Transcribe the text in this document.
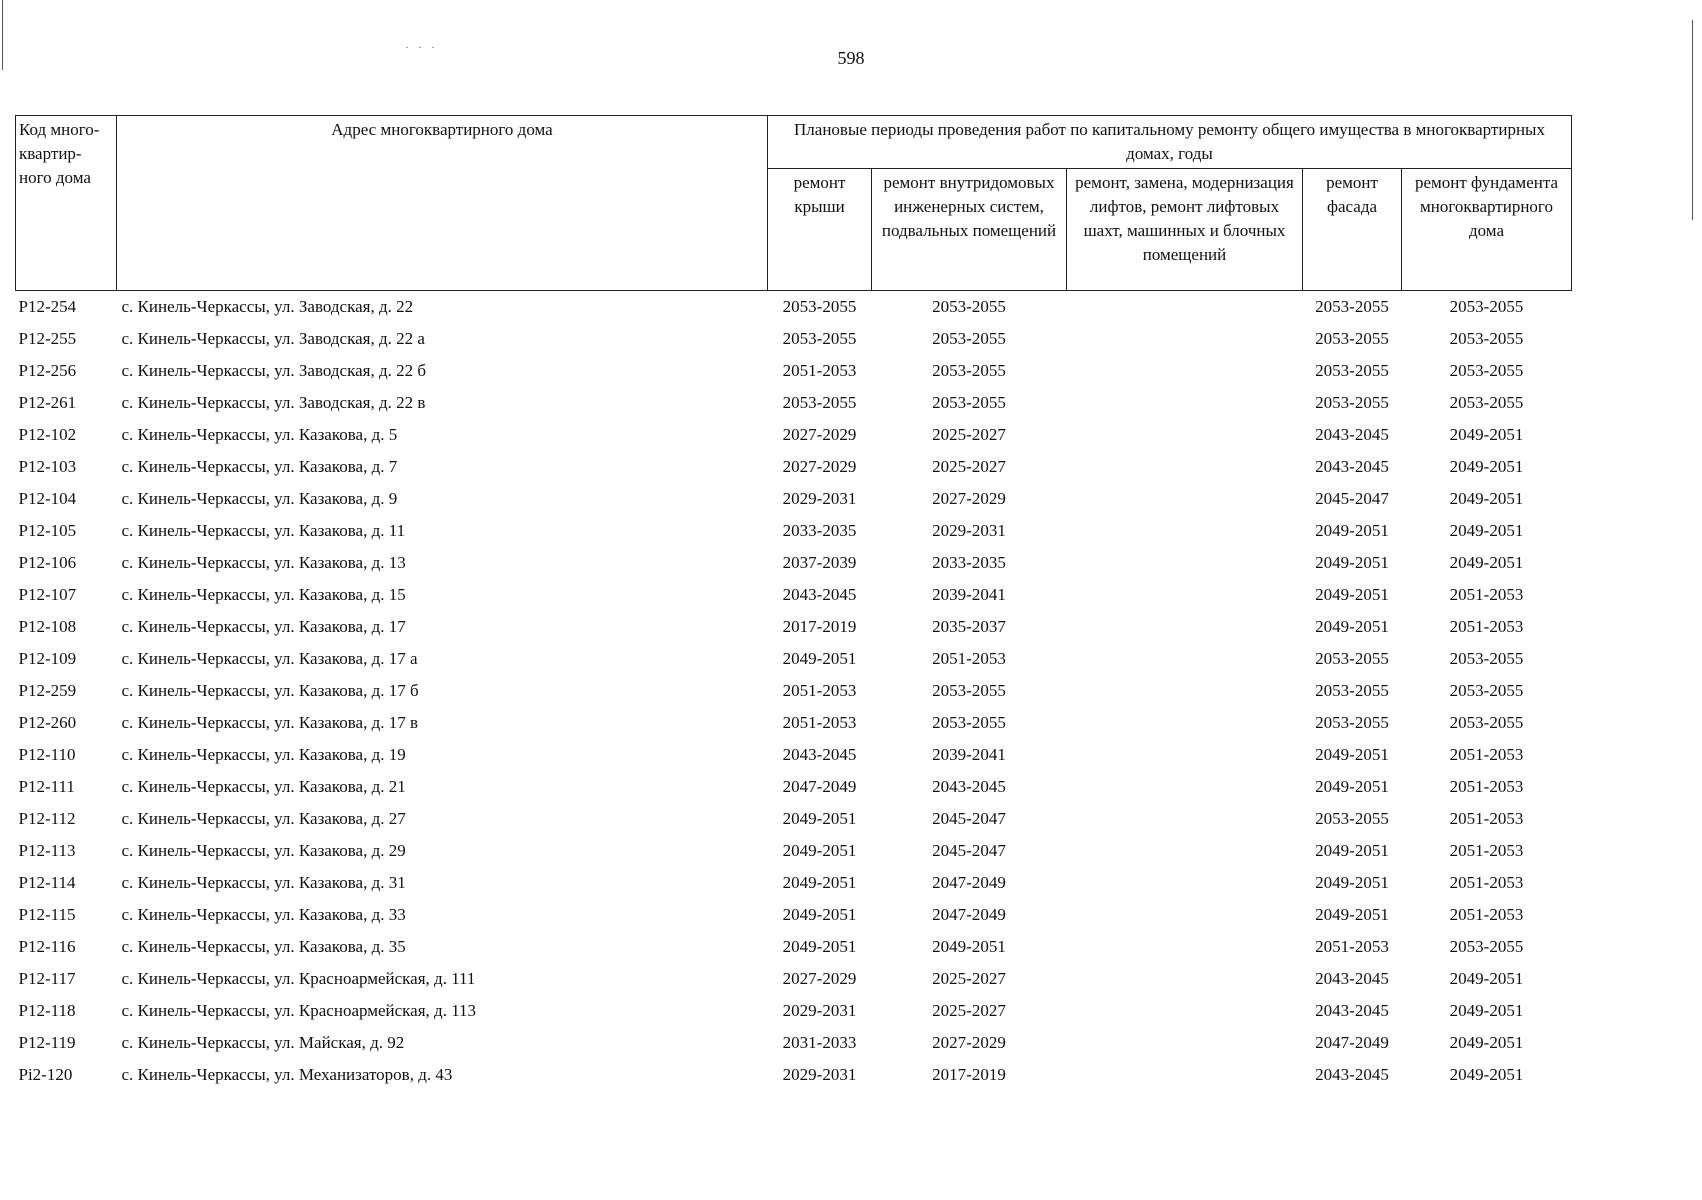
· · ·
598
Код много-квартир-ного дома	Адрес многоквартирного дома	Плановые периоды проведения работ по капитальному ремонту общего имущества в многоквартирных домах, годы				
		ремонт крыши	ремонт внутридомовых инженерных систем, подвальных помещений	ремонт, замена, модернизация лифтов, ремонт лифтовых шахт, машинных и блочных помещений	ремонт фасада	ремонт фундамента многоквартирного дома
Р12-254	с. Кинель-Черкассы, ул. Заводская, д. 22	2053-2055	2053-2055		2053-2055	2053-2055
Р12-255	с. Кинель-Черкассы, ул. Заводская, д. 22 а	2053-2055	2053-2055		2053-2055	2053-2055
Р12-256	с. Кинель-Черкассы, ул. Заводская, д. 22 б	2051-2053	2053-2055		2053-2055	2053-2055
Р12-261	с. Кинель-Черкассы, ул. Заводская, д. 22 в	2053-2055	2053-2055		2053-2055	2053-2055
Р12-102	с. Кинель-Черкассы, ул. Казакова, д. 5	2027-2029	2025-2027		2043-2045	2049-2051
Р12-103	с. Кинель-Черкассы, ул. Казакова, д. 7	2027-2029	2025-2027		2043-2045	2049-2051
Р12-104	с. Кинель-Черкассы, ул. Казакова, д. 9	2029-2031	2027-2029		2045-2047	2049-2051
Р12-105	с. Кинель-Черкассы, ул. Казакова, д. 11	2033-2035	2029-2031		2049-2051	2049-2051
Р12-106	с. Кинель-Черкассы, ул. Казакова, д. 13	2037-2039	2033-2035		2049-2051	2049-2051
Р12-107	с. Кинель-Черкассы, ул. Казакова, д. 15	2043-2045	2039-2041		2049-2051	2051-2053
Р12-108	с. Кинель-Черкассы, ул. Казакова, д. 17	2017-2019	2035-2037		2049-2051	2051-2053
Р12-109	с. Кинель-Черкассы, ул. Казакова, д. 17 а	2049-2051	2051-2053		2053-2055	2053-2055
Р12-259	с. Кинель-Черкассы, ул. Казакова, д. 17 б	2051-2053	2053-2055		2053-2055	2053-2055
Р12-260	с. Кинель-Черкассы, ул. Казакова, д. 17 в	2051-2053	2053-2055		2053-2055	2053-2055
Р12-110	с. Кинель-Черкассы, ул. Казакова, д. 19	2043-2045	2039-2041		2049-2051	2051-2053
Р12-111	с. Кинель-Черкассы, ул. Казакова, д. 21	2047-2049	2043-2045		2049-2051	2051-2053
Р12-112	с. Кинель-Черкассы, ул. Казакова, д. 27	2049-2051	2045-2047		2053-2055	2051-2053
Р12-113	с. Кинель-Черкассы, ул. Казакова, д. 29	2049-2051	2045-2047		2049-2051	2051-2053
Р12-114	с. Кинель-Черкассы, ул. Казакова, д. 31	2049-2051	2047-2049		2049-2051	2051-2053
Р12-115	с. Кинель-Черкассы, ул. Казакова, д. 33	2049-2051	2047-2049		2049-2051	2051-2053
Р12-116	с. Кинель-Черкассы, ул. Казакова, д. 35	2049-2051	2049-2051		2051-2053	2053-2055
Р12-117	с. Кинель-Черкассы, ул. Красноармейская, д. 111	2027-2029	2025-2027		2043-2045	2049-2051
Р12-118	с. Кинель-Черкассы, ул. Красноармейская, д. 113	2029-2031	2025-2027		2043-2045	2049-2051
Р12-119	с. Кинель-Черкассы, ул. Майская, д. 92	2031-2033	2027-2029		2047-2049	2049-2051
Рi2-120	с. Кинель-Черкассы, ул. Механизаторов, д. 43	2029-2031	2017-2019		2043-2045	2049-2051
